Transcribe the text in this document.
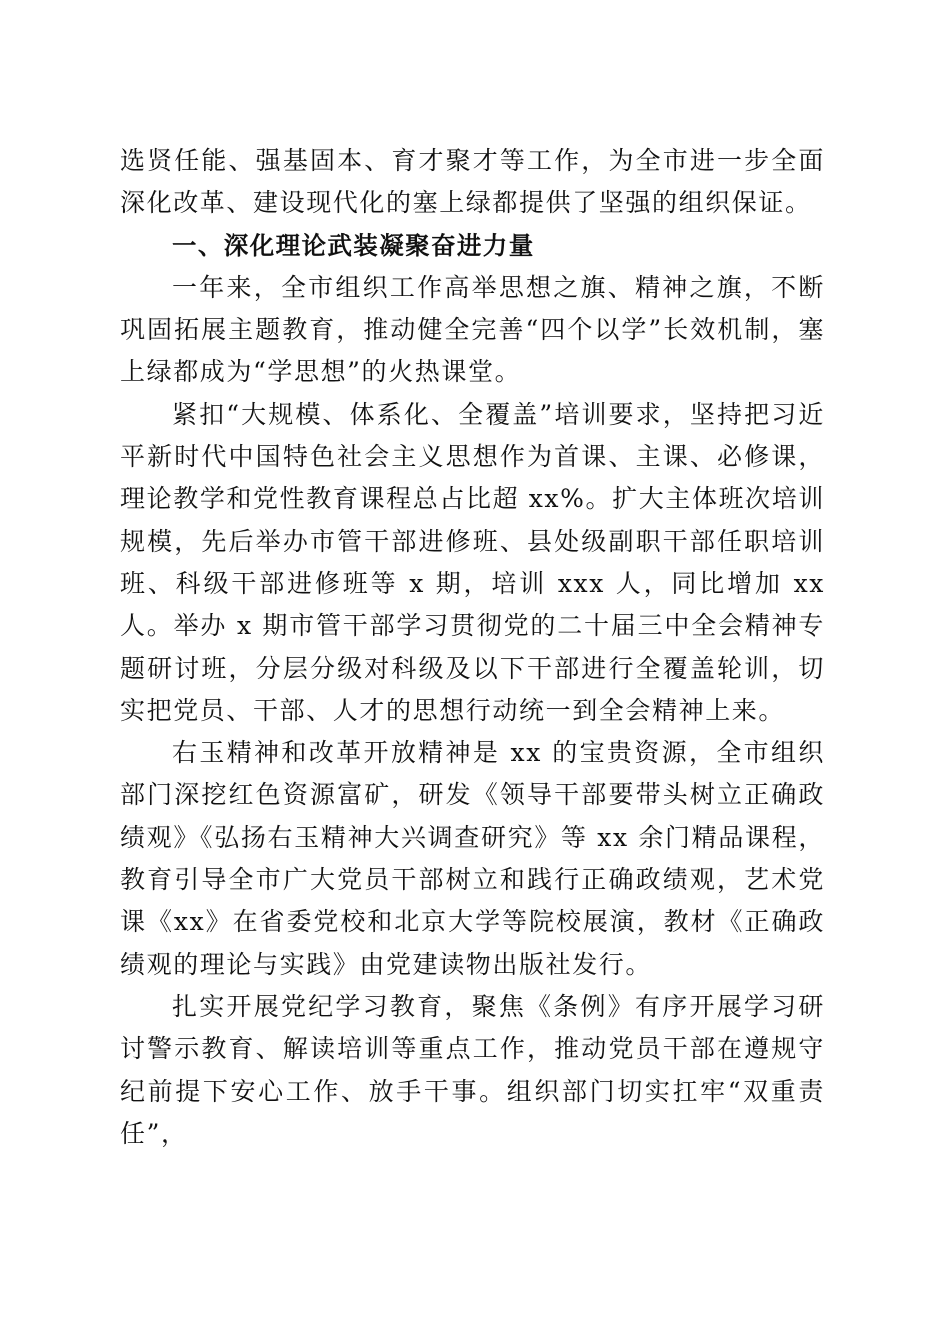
选贤任能、强基固本、育才聚才等工作，为全市进一步全面深化改革、建设现代化的塞上绿都提供了坚强的组织保证。

一、深化理论武装凝聚奋进力量

一年来，全市组织工作高举思想之旗、精神之旗，不断巩固拓展主题教育，推动健全完善“四个以学”长效机制，塞上绿都成为“学思想”的火热课堂。

紧扣“大规模、体系化、全覆盖”培训要求，坚持把习近平新时代中国特色社会主义思想作为首课、主课、必修课，理论教学和党性教育课程总占比超 xx%。扩大主体班次培训规模，先后举办市管干部进修班、县处级副职干部任职培训班、科级干部进修班等 x 期，培训 xxx 人，同比增加 xx 人。举办 x 期市管干部学习贯彻党的二十届三中全会精神专题研讨班，分层分级对科级及以下干部进行全覆盖轮训，切实把党员、干部、人才的思想行动统一到全会精神上来。

右玉精神和改革开放精神是 xx 的宝贵资源，全市组织部门深挖红色资源富矿，研发《领导干部要带头树立正确政绩观》《弘扬右玉精神大兴调查研究》等 xx 余门精品课程，教育引导全市广大党员干部树立和践行正确政绩观，艺术党课《xx》在省委党校和北京大学等院校展演，教材《正确政绩观的理论与实践》由党建读物出版社发行。

扎实开展党纪学习教育，聚焦《条例》有序开展学习研讨警示教育、解读培训等重点工作，推动党员干部在遵规守纪前提下安心工作、放手干事。组织部门切实扛牢“双重责任”，
